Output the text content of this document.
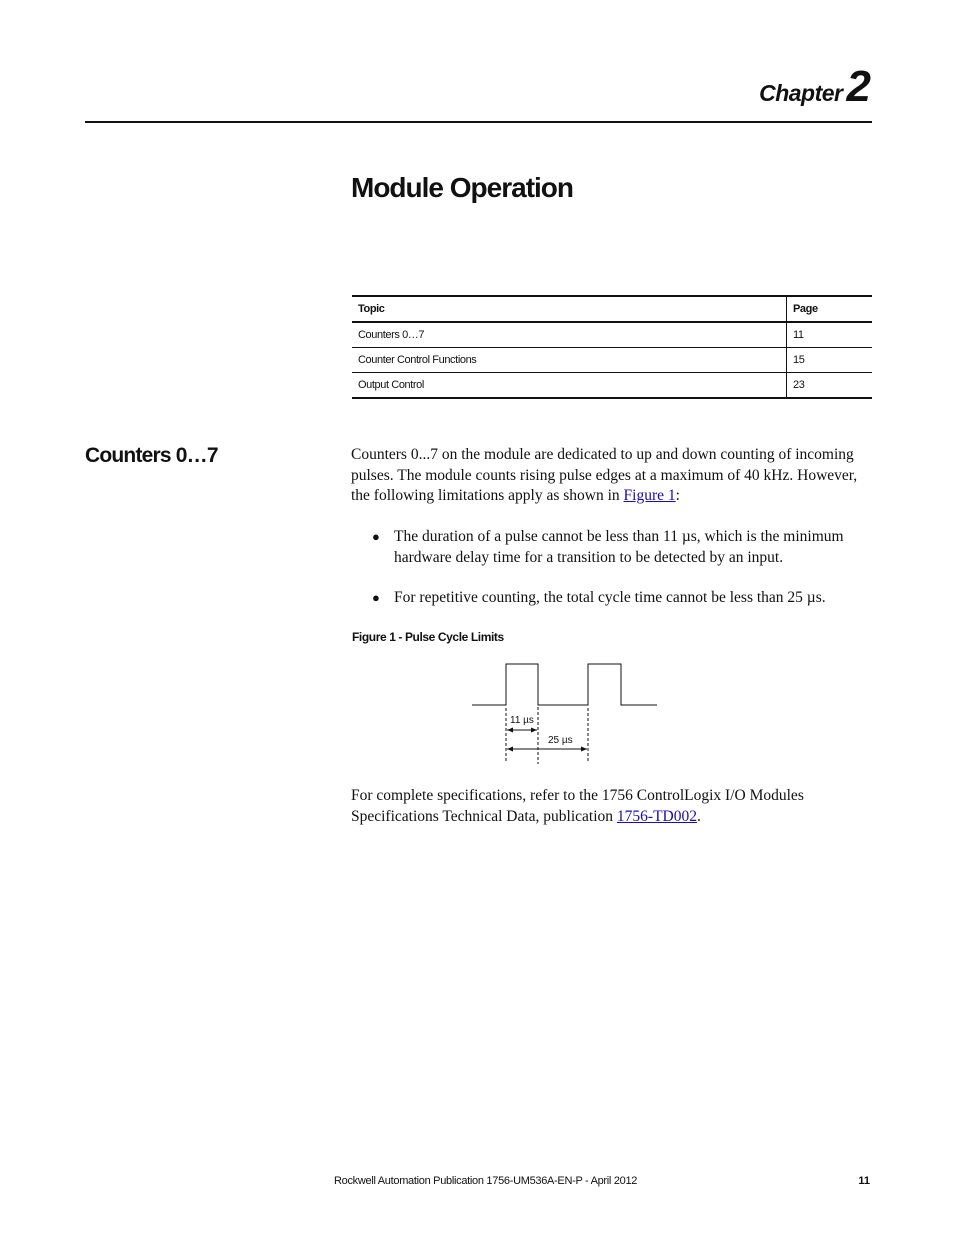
Chapter2
Module Operation
Topic	Page
Counters 0…7	11
Counter Control Functions	15
Output Control	23
Counters 0…7	Counters 0...7 on the module are dedicated to up and down counting of incoming pulses. The module counts rising pulse edges at a maximum of 40 kHz. However, the following limitations apply as shown in Figure 1:

● The duration of a pulse cannot be less than 11 µs, which is the minimum hardware delay time for a transition to be detected by an input.
● For repetitive counting, the total cycle time cannot be less than 25 µs.
Figure 1 - Pulse Cycle Limits
11 µs
25 µs

For complete specifications, refer to the 1756 ControlLogix I/O Modules Specifications Technical Data, publication 1756-TD002.

Rockwell Automation Publication 1756-UM536A-EN-P - April 2012	11
